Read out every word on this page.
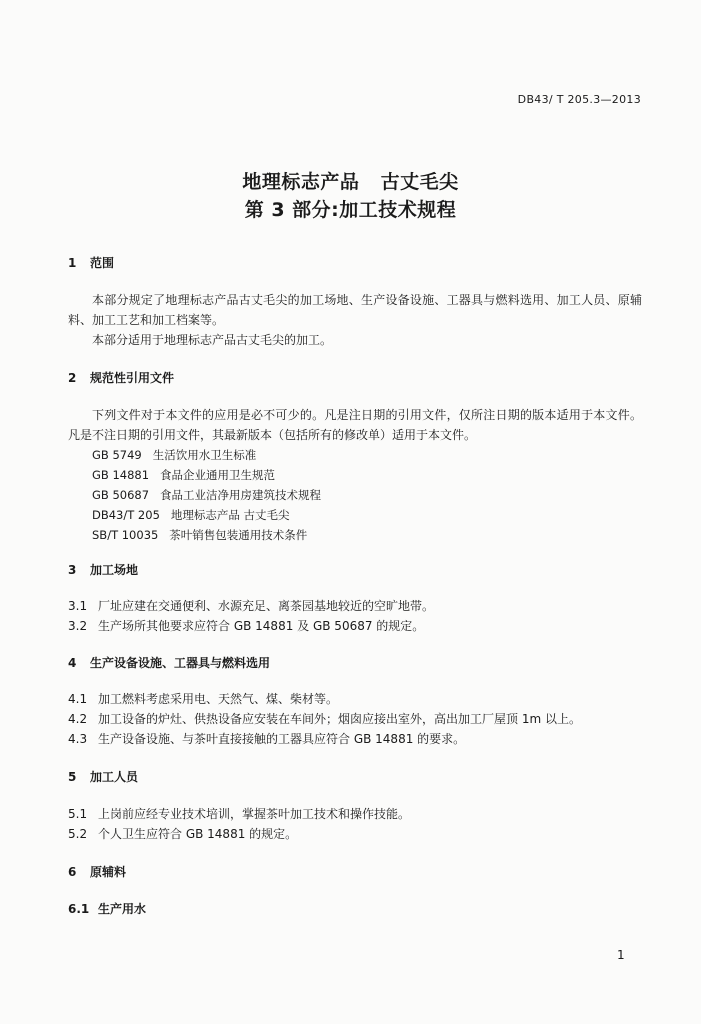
DB43/ T 205.3—2013
地理标志产品   古丈毛尖
第 3 部分:加工技术规程
1 范围
本部分规定了地理标志产品古丈毛尖的加工场地、生产设备设施、工器具与燃料选用、加工人员、原辅料、加工工艺和加工档案等。
本部分适用于地理标志产品古丈毛尖的加工。
2 规范性引用文件
下列文件对于本文件的应用是必不可少的。凡是注日期的引用文件，仅所注日期的版本适用于本文件。凡是不注日期的引用文件，其最新版本（包括所有的修改单）适用于本文件。
GB 5749   生活饮用水卫生标准
GB 14881   食品企业通用卫生规范
GB 50687   食品工业洁净用房建筑技术规程
DB43/T 205   地理标志产品 古丈毛尖
SB/T 10035   茶叶销售包装通用技术条件
3 加工场地
3.1 厂址应建在交通便利、水源充足、离茶园基地较近的空旷地带。
3.2 生产场所其他要求应符合 GB 14881 及 GB 50687 的规定。
4 生产设备设施、工器具与燃料选用
4.1 加工燃料考虑采用电、天然气、煤、柴材等。
4.2 加工设备的炉灶、供热设备应安装在车间外；烟囱应接出室外，高出加工厂屋顶 1m 以上。
4.3 生产设备设施、与茶叶直接接触的工器具应符合 GB 14881 的要求。
5 加工人员
5.1 上岗前应经专业技术培训，掌握茶叶加工技术和操作技能。
5.2 个人卫生应符合 GB 14881 的规定。
6 原辅料
6.1 生产用水
1
